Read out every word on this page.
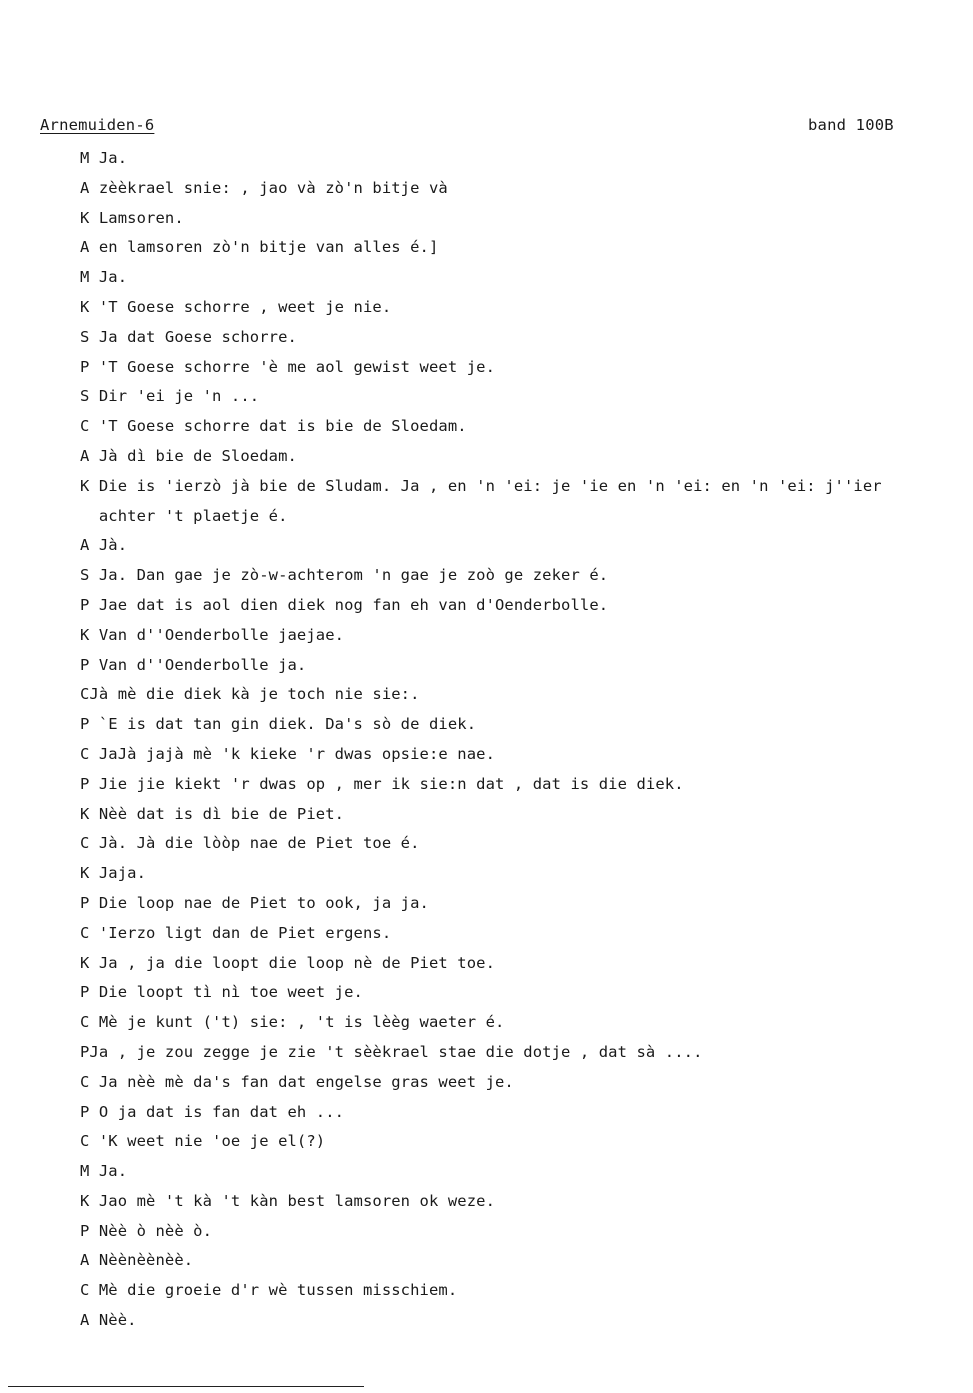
Arnemuiden-6	band 100B
M Ja.
A zèèkrael snie: , jao và zò'n bitje và
K Lamsoren.
A en lamsoren zò'n bitje van alles é.]
M Ja.
K 'T Goese schorre , weet je nie.
S Ja dat Goese schorre.
P 'T Goese schorre 'è me aol gewist weet je.
S Dir 'ei je 'n ...
C 'T Goese schorre dat is bie de Sloedam.
A Jà dì bie de Sloedam.
K Die is 'ierzò jà bie de Sludam. Ja , en 'n 'ei: je 'ie en 'n 'ei: en 'n 'ei: j''ier
achter 't plaetje é.
A Jà.
S Ja. Dan gae je zò-w-achterom 'n gae je zoò ge zeker é.
P Jae dat is aol dien diek nog fan eh van d'Oenderbolle.
K Van d''Oenderbolle jaejae.
P Van d''Oenderbolle ja.
CJà mè die diek kà je toch nie sie:.
P `E is dat tan gin diek. Da's sò de diek.
C JaJà jajà mè 'k kieke 'r dwas opsie:e nae.
P Jie jie kiekt 'r dwas op , mer ik sie:n dat , dat is die diek.
K Nèè dat is dì bie de Piet.
C Jà. Jà die lòòp nae de Piet toe é.
K Jaja.
P Die loop nae de Piet to ook, ja ja.
C 'Ierzo ligt dan de Piet ergens.
K Ja , ja die loopt die loop nè de Piet toe.
P Die loopt tì nì toe weet je.
C Mè je kunt ('t) sie: , 't is lèèg waeter é.
PJa , je zou zegge je zie 't sèèkrael stae die dotje , dat sà ....
C Ja nèè mè da's fan dat engelse gras weet je.
P O ja dat is fan dat eh ...
C 'K weet nie 'oe je el(?)
M Ja.
K Jao mè 't kà 't kàn best lamsoren ok weze.
P Nèè ò nèè ò.
A Nèènèènèè.
C Mè die groeie d'r wè tussen misschiem.
A Nèè.
